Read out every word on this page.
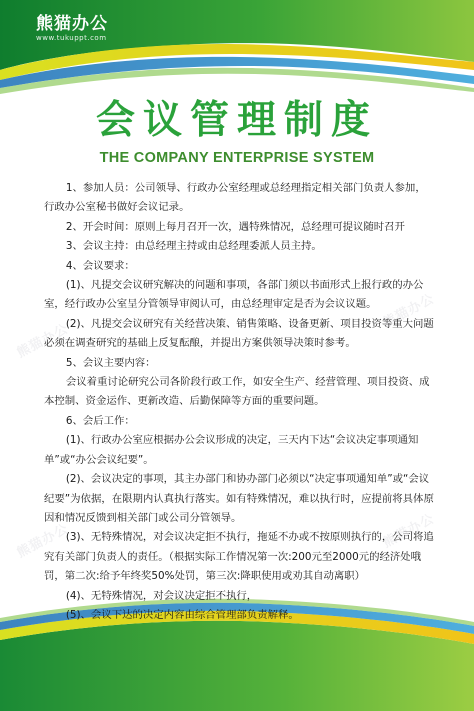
熊猫办公
www.tukuppt.com
熊猫办公
熊猫办公
熊猫办公	熊猫办公
会议管理制度
THE COMPANY ENTERPRISE SYSTEM

1、参加人员：公司领导、行政办公室经理或总经理指定相关部门负责人参加，行政办公室秘书做好会议记录。

2、开会时间：原则上每月召开一次，遇特殊情况，总经理可提议随时召开

3、会议主持：由总经理主持或由总经理委派人员主持。

4、会议要求：

(1)、凡提交会议研究解决的问题和事项，各部门须以书面形式上报行政的办公室，经行政办公室呈分管领导审阅认可，由总经理审定是否为会议议题。

(2)、凡提交会议研究有关经营决策、销售策略、设备更新、项目投资等重大问题必须在调查研究的基础上反复酝酿，并提出方案供领导决策时参考。

5、会议主要内容：

会议着重讨论研究公司各阶段行政工作，如安全生产、经营管理、项目投资、成本控制、资金运作、更新改造、后勤保障等方面的重要问题。

6、会后工作：

(1)、行政办公室应根据办公会议形成的决定，三天内下达“会议决定事项通知单”或“办公会议纪要”。

(2)、会议决定的事项，其主办部门和协办部门必须以“决定事项通知单”或“会议纪要”为依据，在限期内认真执行落实。如有特殊情况，难以执行时，应提前将具体原因和情况反馈到相关部门或公司分管领导。

(3)、无特殊情况，对会议决定拒不执行，拖延不办或不按原则执行的，公司将追究有关部门负责人的责任。（根据实际工作情况第一次:200元至2000元的经济处哦罚，第二次:给予年终奖50%处罚，第三次:降职使用或劝其自动离职）

(4)、无特殊情况，对会议决定拒不执行，

(5)、会议下达的决定内容由综合管理部负责解释。
